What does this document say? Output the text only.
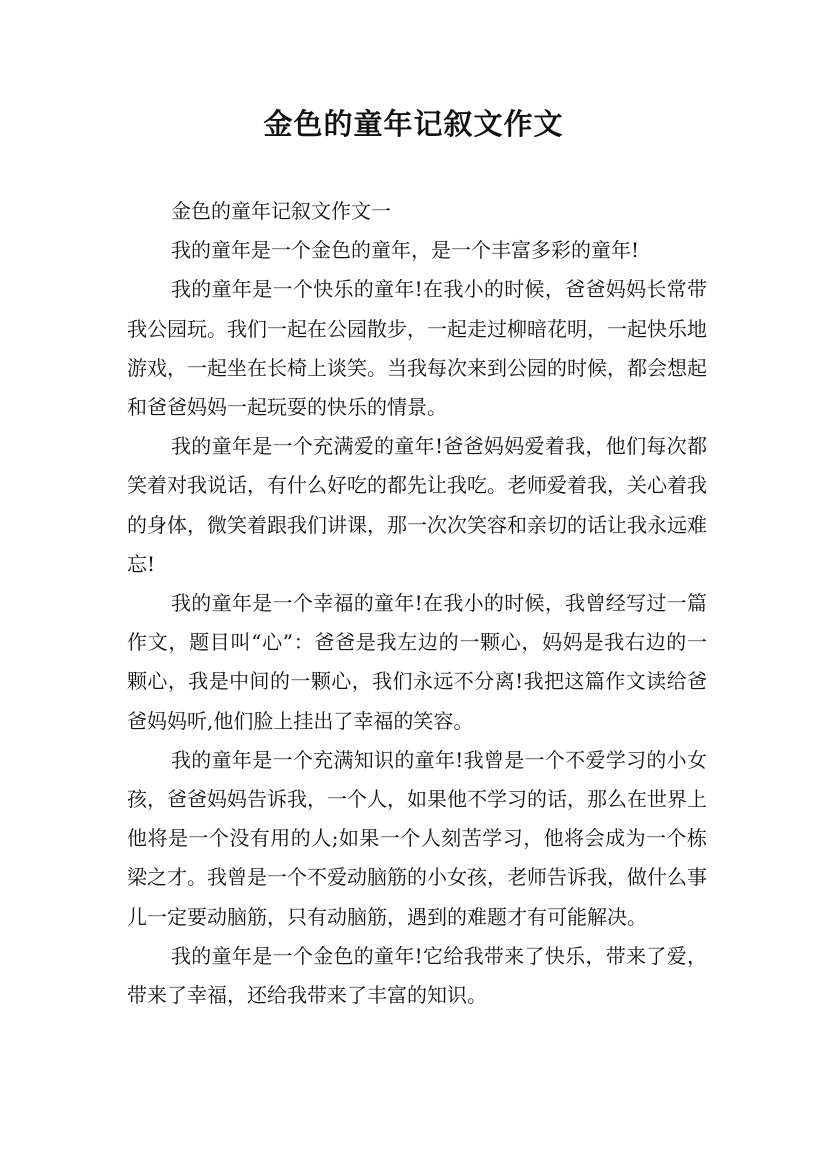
金色的童年记叙文作文

金色的童年记叙文作文一

我的童年是一个金色的童年，是一个丰富多彩的童年!

我的童年是一个快乐的童年!在我小的时候，爸爸妈妈长常带我公园玩。我们一起在公园散步，一起走过柳暗花明，一起快乐地游戏，一起坐在长椅上谈笑。当我每次来到公园的时候，都会想起和爸爸妈妈一起玩耍的快乐的情景。

我的童年是一个充满爱的童年!爸爸妈妈爱着我，他们每次都笑着对我说话，有什么好吃的都先让我吃。老师爱着我，关心着我的身体，微笑着跟我们讲课，那一次次笑容和亲切的话让我永远难忘!

我的童年是一个幸福的童年!在我小的时候，我曾经写过一篇作文，题目叫“心”：爸爸是我左边的一颗心，妈妈是我右边的一颗心，我是中间的一颗心，我们永远不分离!我把这篇作文读给爸爸妈妈听,他们脸上挂出了幸福的笑容。

我的童年是一个充满知识的童年!我曾是一个不爱学习的小女孩，爸爸妈妈告诉我，一个人，如果他不学习的话，那么在世界上他将是一个没有用的人;如果一个人刻苦学习，他将会成为一个栋梁之才。我曾是一个不爱动脑筋的小女孩，老师告诉我，做什么事儿一定要动脑筋，只有动脑筋，遇到的难题才有可能解决。

我的童年是一个金色的童年!它给我带来了快乐，带来了爱，带来了幸福，还给我带来了丰富的知识。
